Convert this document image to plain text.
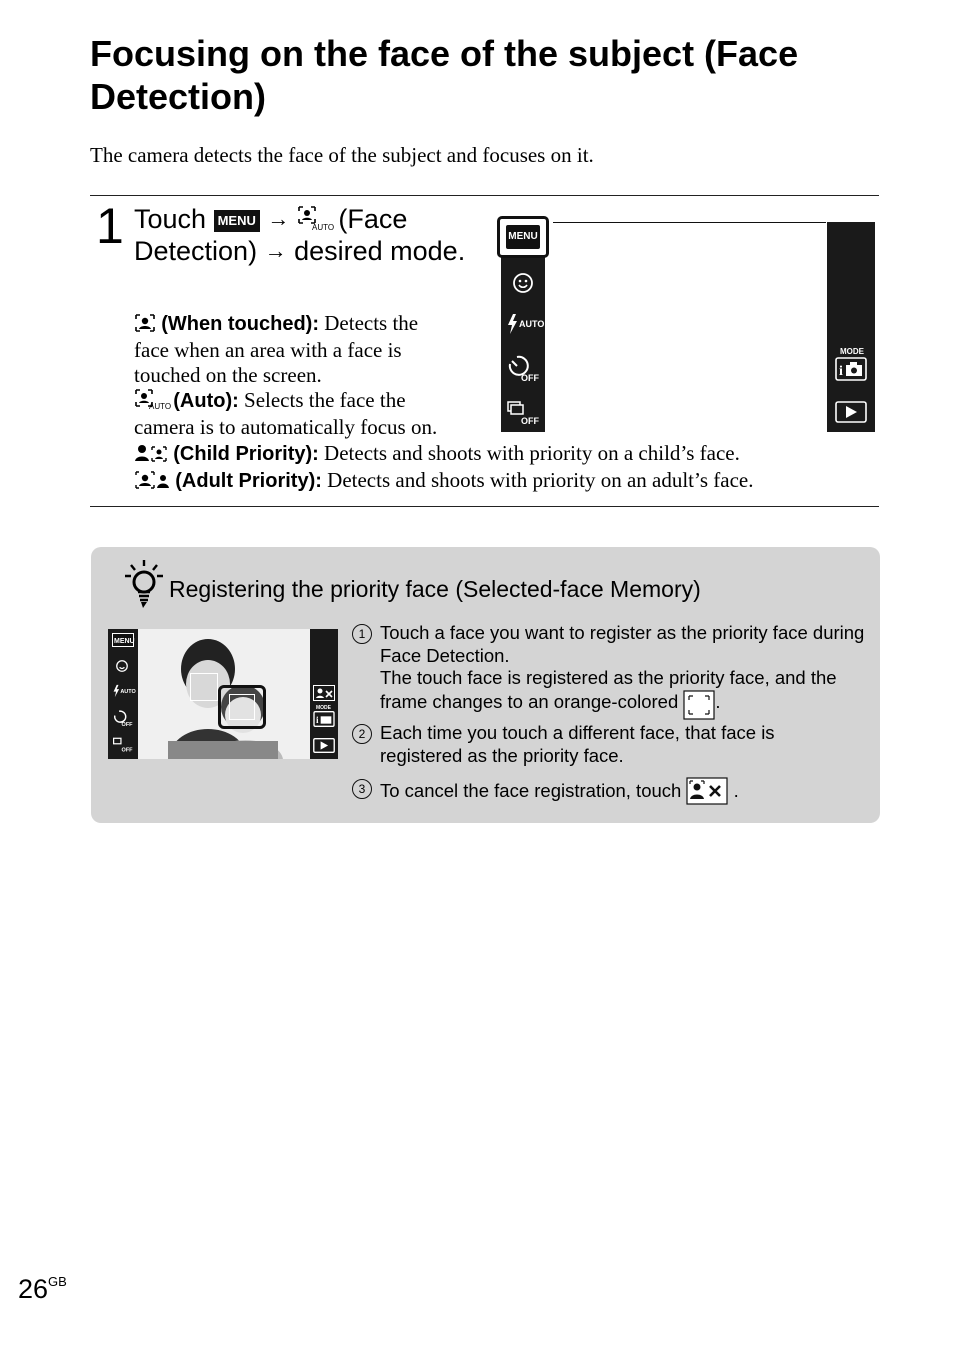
Focusing on the face of the subject (Face Detection)

The camera detects the face of the subject and focuses on it.

1 Touch MENU →	AUTO (Face Detection) → desired mode.
(When touched): Detects the face when an area with a face is touched on the screen.
AUTO (Auto): Selects the face the camera is to automatically focus on.
(Child Priority): Detects and shoots with priority on a child’s face.
(Adult Priority): Detects and shoots with priority on an adult’s face.
MENU
AUTO
OFF
OFF
MODE
i
Registering the priority face (Selected-face Memory)
MENU
AUTO
OFF
OFF
MODE
i
1 Touch a face you want to register as the priority face during Face Detection.
The touch face is registered as the priority face, and the frame changes to an orange-colored .
2 Each time you touch a different face, that face is registered as the priority face.
3 To cancel the face registration, touch	.
$26^{GB}$
